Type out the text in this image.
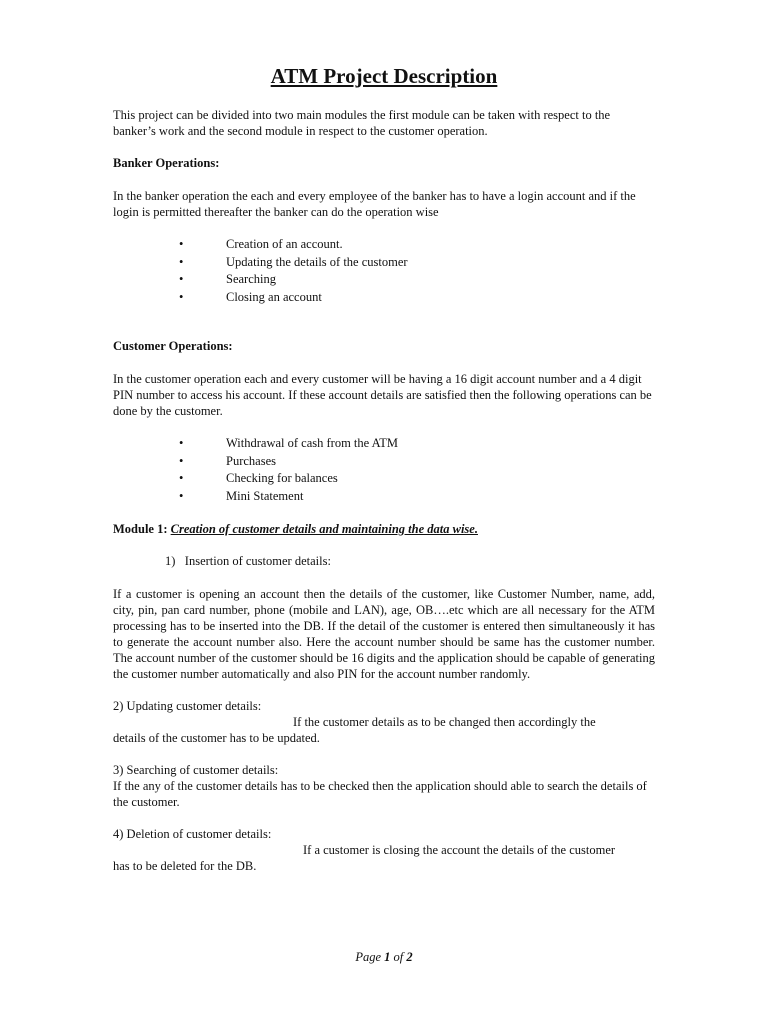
ATM Project Description

This project can be divided into two main modules the first module can be taken with respect to the banker’s work and the second module in respect to the customer operation.

Banker Operations:

In the banker operation the each and every employee of the banker has to have a login account and if the login is permitted thereafter the banker can do the operation wise

•	Creation of an account.
•	Updating the details of the customer
•	Searching
•	Closing an account

Customer Operations:

In the customer operation each and every customer will be having a 16 digit account number and a 4 digit PIN number to access his account. If these account details are satisfied then the following operations can be done by the customer.

•	Withdrawal of cash from the ATM
•	Purchases
•	Checking for balances
•	Mini Statement

Module 1: Creation of customer details and maintaining the data wise.

1)   Insertion of customer details:

If a customer is opening an account then the details of the customer, like Customer Number, name, add, city, pin, pan card number, phone (mobile and LAN), age, OB….etc which are all necessary for the ATM processing has to be inserted into the DB. If the detail of the customer is entered then simultaneously it has to generate the account number also. Here the account number should be same has the customer number. The account number of the customer should be 16 digits and the application should be capable of generating the customer number automatically and also PIN for the account number randomly.

2) Updating customer details:

If the customer details as to be changed then accordingly the

details of the customer has to be updated.

3) Searching of customer details:

If the any of the customer details has to be checked then the application should able to search the details of the customer.

4) Deletion of customer details:

If a customer is closing the account the details of the customer

has to be deleted for the DB.

Page 1 of 2
